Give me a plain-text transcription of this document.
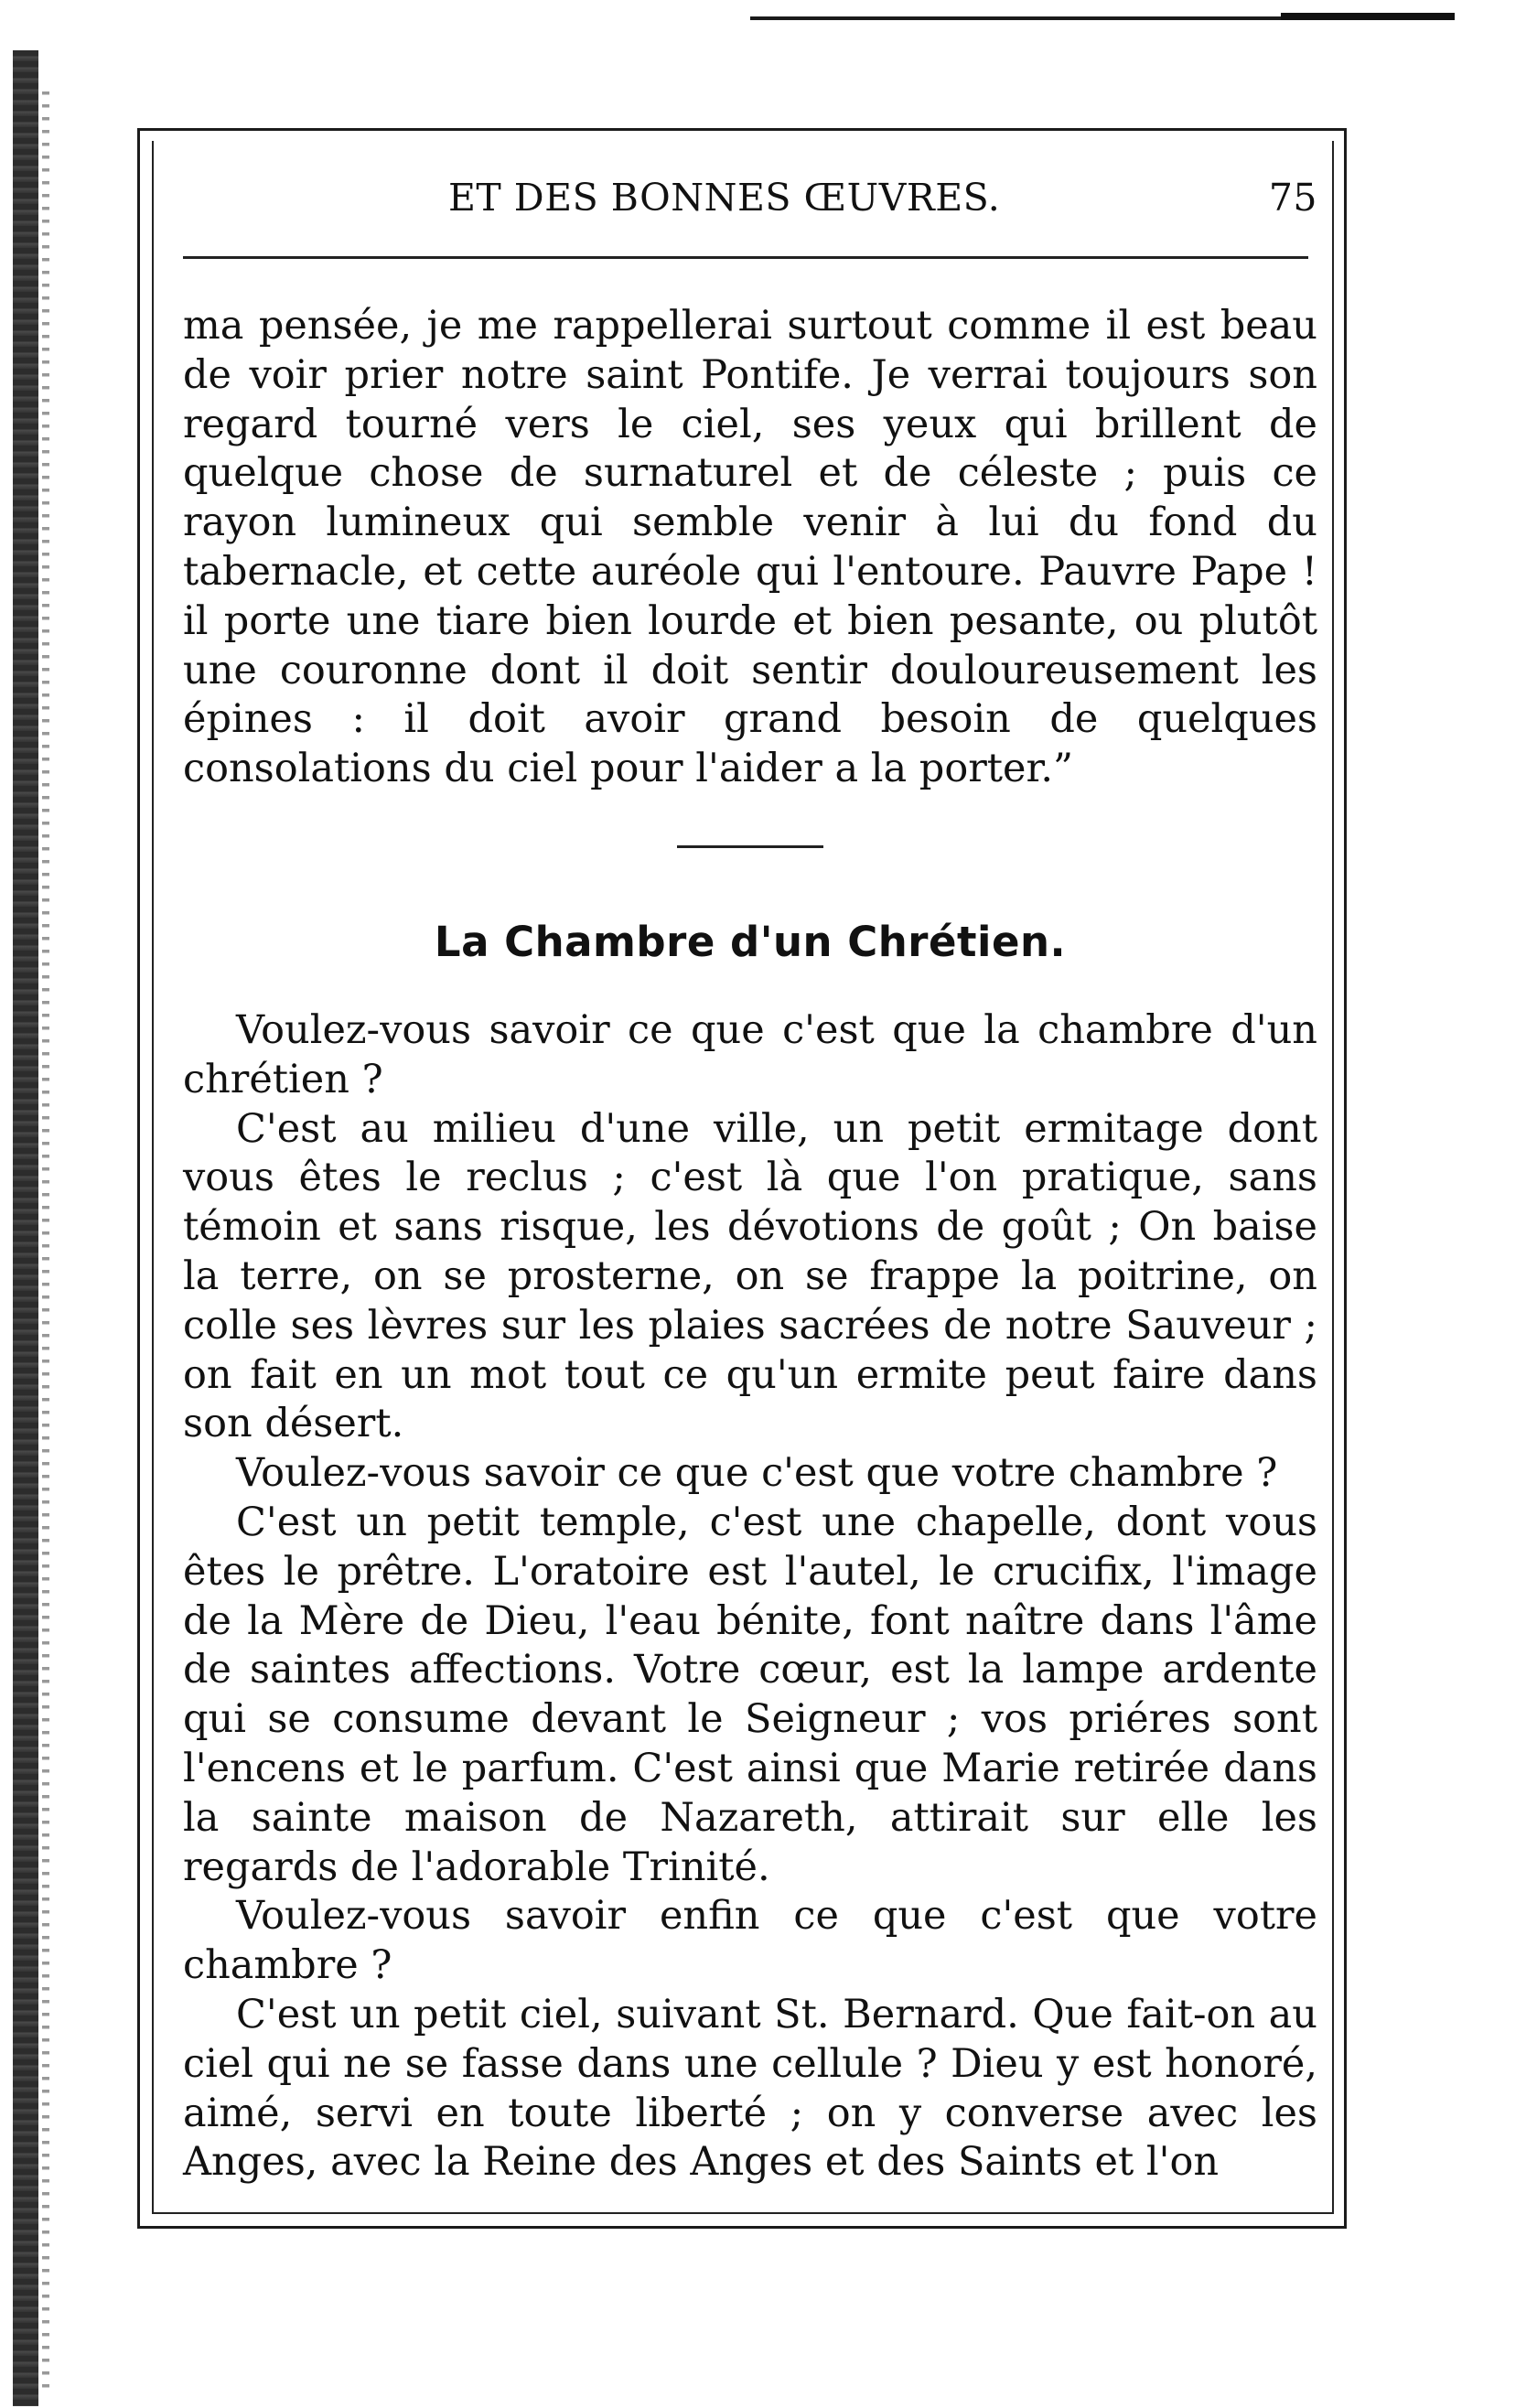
ET DES BONNES ŒUVRES.	75

ma pensée, je me rappellerai surtout comme il est beau de voir prier notre saint Pontife. Je verrai toujours son regard tourné vers le ciel, ses yeux qui brillent de quelque chose de surnaturel et de céleste ; puis ce rayon lumineux qui semble venir à lui du fond du tabernacle, et cette auréole qui l'entoure. Pauvre Pape ! il porte une tiare bien lourde et bien pesante, ou plutôt une couronne dont il doit sentir douloureusement les épines : il doit avoir grand besoin de quelques consolations du ciel pour l'aider a la porter.”

La Chambre d'un Chrétien.

Voulez-vous savoir ce que c'est que la chambre d'un chrétien ?

C'est au milieu d'une ville, un petit ermitage dont vous êtes le reclus ; c'est là que l'on pratique, sans témoin et sans risque, les dévotions de goût ; On baise la terre, on se prosterne, on se frappe la poitrine, on colle ses lèvres sur les plaies sacrées de notre Sauveur ; on fait en un mot tout ce qu'un ermite peut faire dans son désert.

Voulez-vous savoir ce que c'est que votre chambre ?

C'est un petit temple, c'est une chapelle, dont vous êtes le prêtre. L'oratoire est l'autel, le crucifix, l'image de la Mère de Dieu, l'eau bénite, font naître dans l'âme de saintes affections. Votre cœur, est la lampe ardente qui se consume devant le Seigneur ; vos priéres sont l'encens et le parfum. C'est ainsi que Marie retirée dans la sainte maison de Nazareth, attirait sur elle les regards de l'adorable Trinité.

Voulez-vous savoir enfin ce que c'est que votre chambre ?

C'est un petit ciel, suivant St. Bernard. Que fait-on au ciel qui ne se fasse dans une cellule ? Dieu y est honoré, aimé, servi en toute liberté ; on y converse avec les Anges, avec la Reine des Anges et des Saints et l'on
